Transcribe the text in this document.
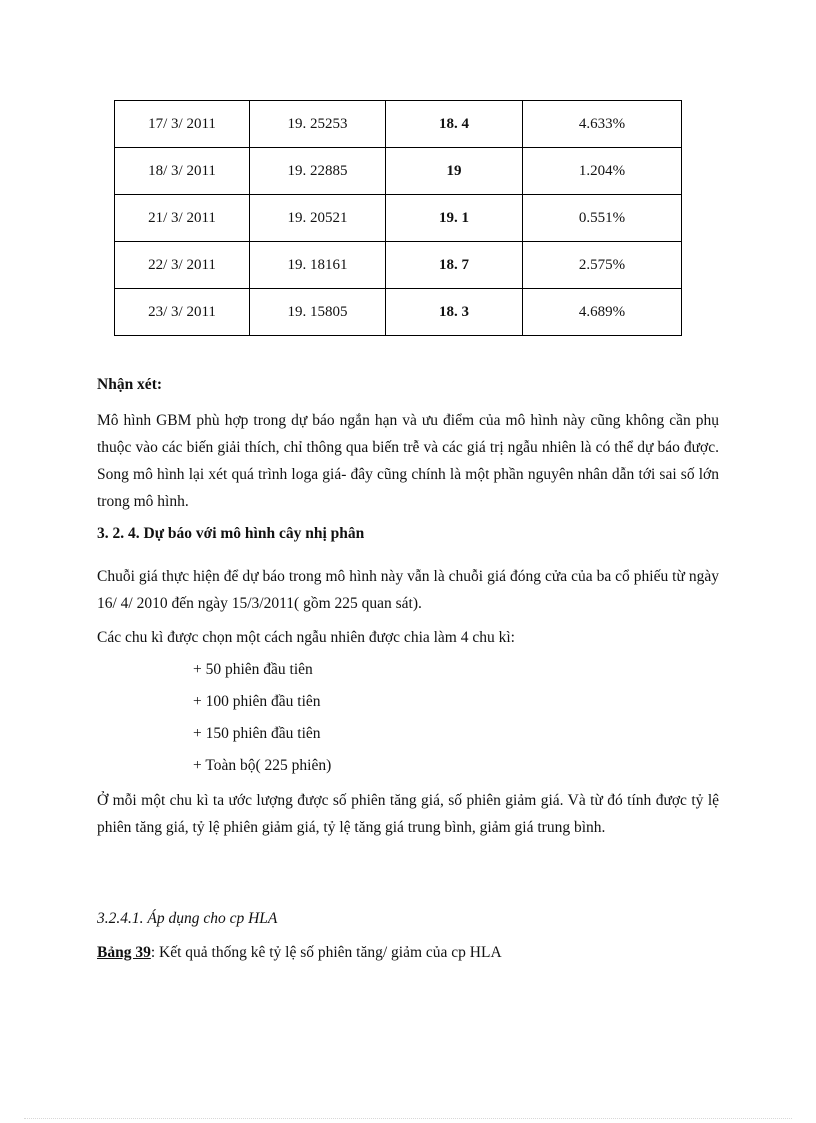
17/ 3/ 2011	19. 25253	18. 4	4.633%
18/ 3/ 2011	19. 22885	19	1.204%
21/ 3/ 2011	19. 20521	19. 1	0.551%
22/ 3/ 2011	19. 18161	18. 7	2.575%
23/ 3/ 2011	19. 15805	18. 3	4.689%
Nhận xét:
Mô hình GBM phù hợp trong dự báo ngắn hạn và ưu điểm của mô hình này cũng không cần phụ thuộc vào các biến giải thích, chỉ thông qua biến trễ và các giá trị ngẫu nhiên là có thể dự báo được. Song mô hình lại xét quá trình loga giá- đây cũng chính là một phần nguyên nhân dẫn tới sai số lớn trong mô hình.
3. 2. 4. Dự báo với mô hình cây nhị phân
Chuỗi giá thực hiện để dự báo trong mô hình này vẫn là chuỗi giá đóng cửa của ba cổ phiếu từ ngày 16/ 4/ 2010 đến ngày 15/3/2011( gồm 225 quan sát).
Các chu kì được chọn một cách ngẫu nhiên được chia làm 4 chu kì:
+ 50 phiên đầu tiên
+ 100 phiên đầu tiên
+ 150 phiên đầu tiên
+ Toàn bộ( 225 phiên)
Ở mỗi một chu kì ta ước lượng được số phiên tăng giá, số phiên giảm giá. Và từ đó tính được tỷ lệ phiên tăng giá, tỷ lệ phiên giảm giá, tỷ lệ tăng giá trung bình, giảm giá trung bình.
3.2.4.1. Áp dụng cho cp HLA
Bảng 39: Kết quả thống kê tỷ lệ số phiên tăng/ giảm của cp HLA
